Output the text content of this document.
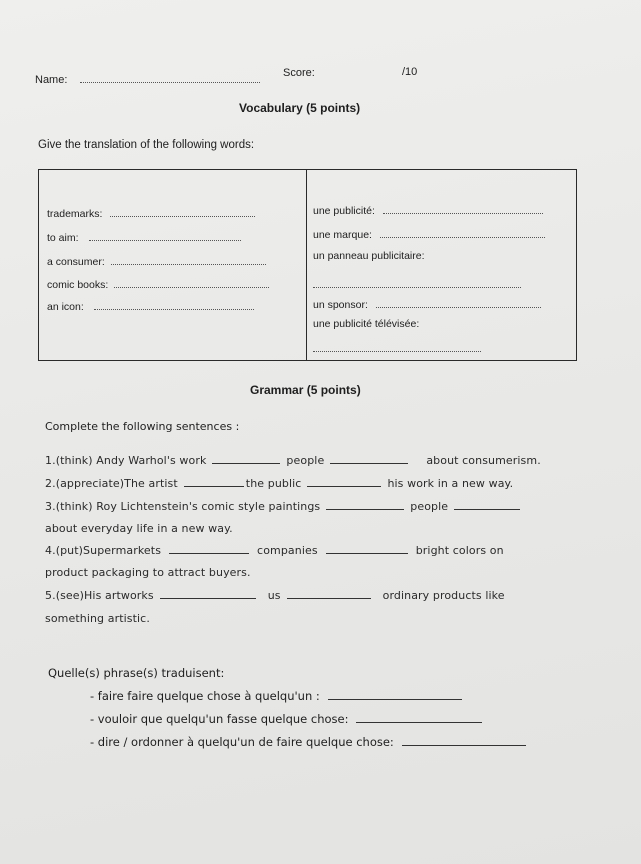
Name:
Score:	/10
Vocabulary (5 points)
Give the translation of the following words:
trademarks:
to aim:
a consumer:
comic books:
an icon:
une publicité:
une marque:
un panneau publicitaire:
un sponsor:
une publicité télévisée:
Grammar (5 points)
Complete the following sentences :
1.(think) Andy Warhol's work	people	about consumerism.
2.(appreciate)The artist	the public	his work in a new way.
3.(think) Roy Lichtenstein's comic style paintings	people
about everyday life in a new way.
4.(put)Supermarkets	companies	bright colors on
product packaging to attract buyers.
5.(see)His artworks	us	ordinary products like
something artistic.
Quelle(s) phrase(s) traduisent:
- faire faire quelque chose à quelqu'un :
- vouloir que quelqu'un fasse quelque chose:
- dire / ordonner à quelqu'un de faire quelque chose:
